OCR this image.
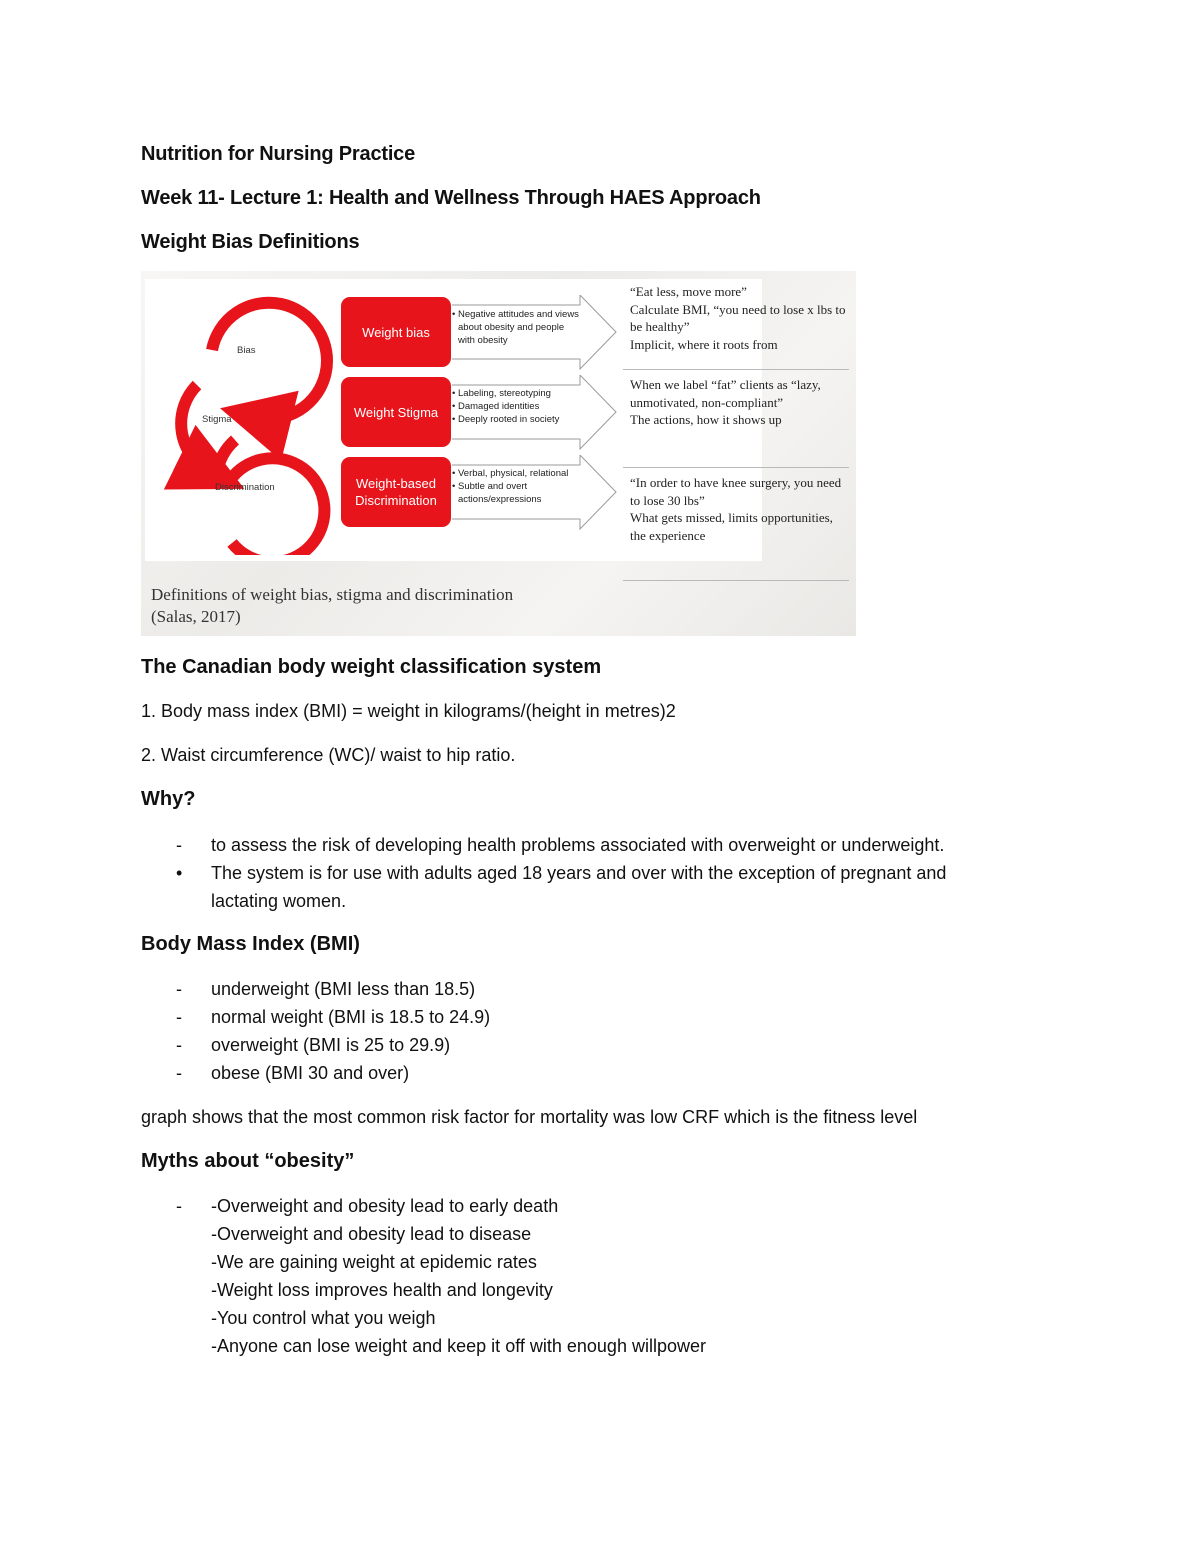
Nutrition for Nursing Practice
Week 11- Lecture 1: Health and Wellness Through HAES Approach
Weight Bias Definitions
Bias
Stigma
Discrimination
Weight bias
• Negative attitudes and views about obesity and people with obesity
Weight Stigma
• Labeling, stereotyping
• Damaged identities
• Deeply rooted in society
Weight-based Discrimination
• Verbal, physical, relational
• Subtle and overt actions/expressions
“Eat less, move more”
Calculate BMI, “you need to lose x lbs to be healthy”
Implicit, where it roots from
When we label “fat” clients as “lazy, unmotivated, non-compliant”
The actions, how it shows up
“In order to have knee surgery, you need to lose 30 lbs”
What gets missed, limits opportunities, the experience
Definitions of weight bias, stigma and discrimination
(Salas, 2017)
The Canadian body weight classification system
1. Body mass index (BMI) = weight in kilograms/(height in metres)2
2. Waist circumference (WC)/ waist to hip ratio.
Why?
-	to assess the risk of developing health problems associated with overweight or underweight.
•	The system is for use with adults aged 18 years and over with the exception of pregnant and
lactating women.
Body Mass Index (BMI)
-	underweight (BMI less than 18.5)
-	normal weight (BMI is 18.5 to 24.9)
-	overweight (BMI is 25 to 29.9)
-	obese (BMI 30 and over)
graph shows that the most common risk factor for mortality was low CRF which is the fitness level
Myths about “obesity”
-	-Overweight and obesity lead to early death
-Overweight and obesity lead to disease
-We are gaining weight at epidemic rates
-Weight loss improves health and longevity
-You control what you weigh
-Anyone can lose weight and keep it off with enough willpower
